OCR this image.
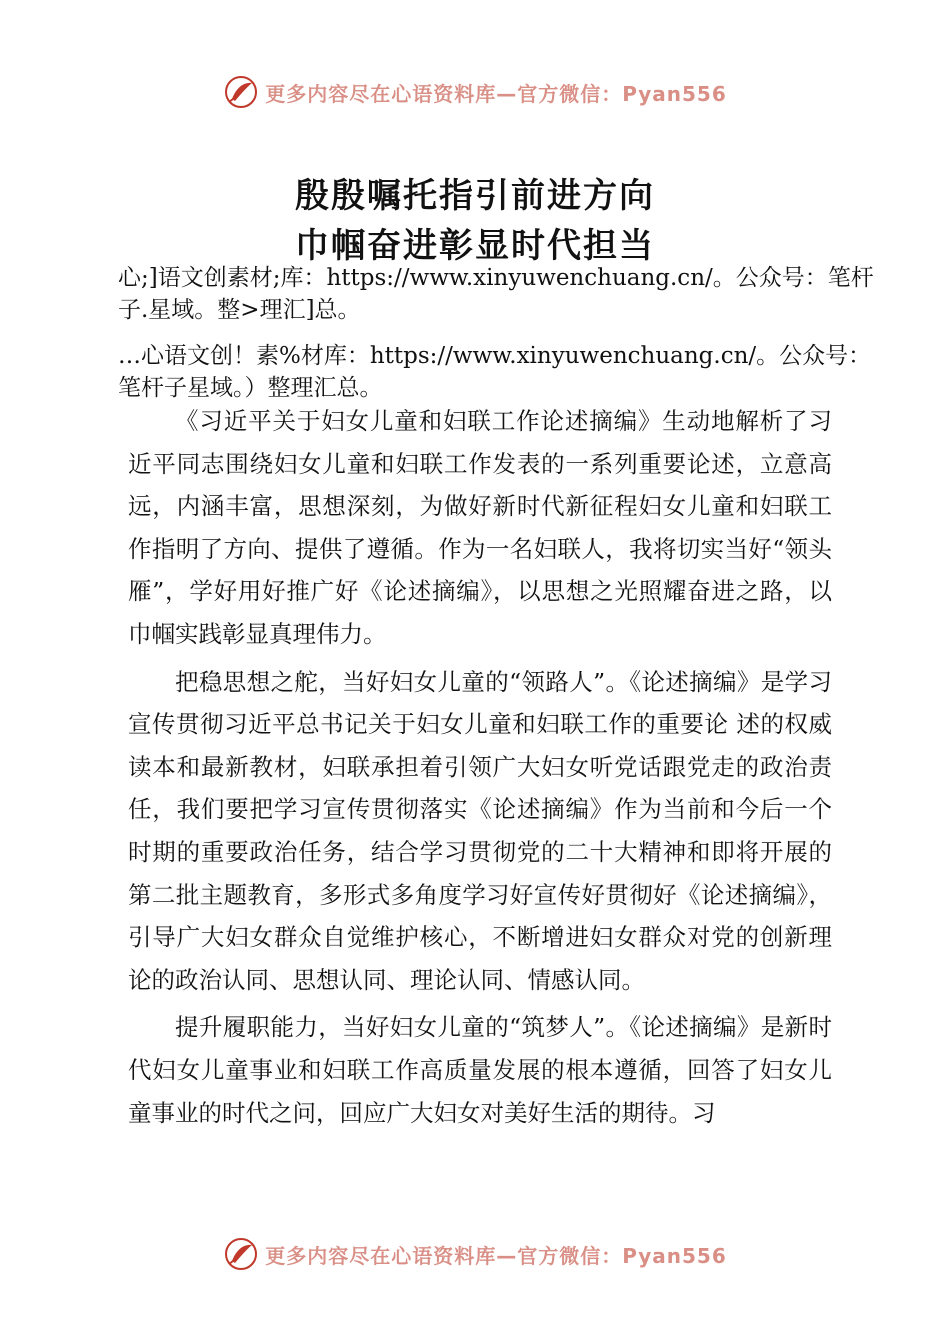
更多内容尽在心语资料库—官方微信：Pyan556
殷殷嘱托指引前进方向
巾帼奋进彰显时代担当
心;]语文创素材;库：https://www.xinyuwenchuang.cn/。公众号：笔杆子.星域。整>理汇]总。
…心语文创！素%材库：https://www.xinyuwenchuang.cn/。公众号：笔杆子星域。）整理汇总。

《习近平关于妇女儿童和妇联工作论述摘编》生动地解析了习近平同志围绕妇女儿童和妇联工作发表的一系列重要论述，立意高远，内涵丰富，思想深刻，为做好新时代新征程妇女儿童和妇联工作指明了方向、提供了遵循。作为一名妇联人，我将切实当好“领头雁”，学好用好推广好《论述摘编》，以思想之光照耀奋进之路，以巾帼实践彰显真理伟力。

把稳思想之舵，当好妇女儿童的“领路人”。《论述摘编》是学习宣传贯彻习近平总书记关于妇女儿童和妇联工作的重要论 述的权威读本和最新教材，妇联承担着引领广大妇女听党话跟党走的政治责任，我们要把学习宣传贯彻落实《论述摘编》作为当前和今后一个时期的重要政治任务，结合学习贯彻党的二十大精神和即将开展的第二批主题教育，多形式多角度学习好宣传好贯彻好《论述摘编》，引导广大妇女群众自觉维护核心，不断增进妇女群众对党的创新理论的政治认同、思想认同、理论认同、情感认同。

提升履职能力，当好妇女儿童的“筑梦人”。《论述摘编》是新时代妇女儿童事业和妇联工作高质量发展的根本遵循，回答了妇女儿童事业的时代之问，回应广大妇女对美好生活的期待。习

更多内容尽在心语资料库—官方微信：Pyan556
